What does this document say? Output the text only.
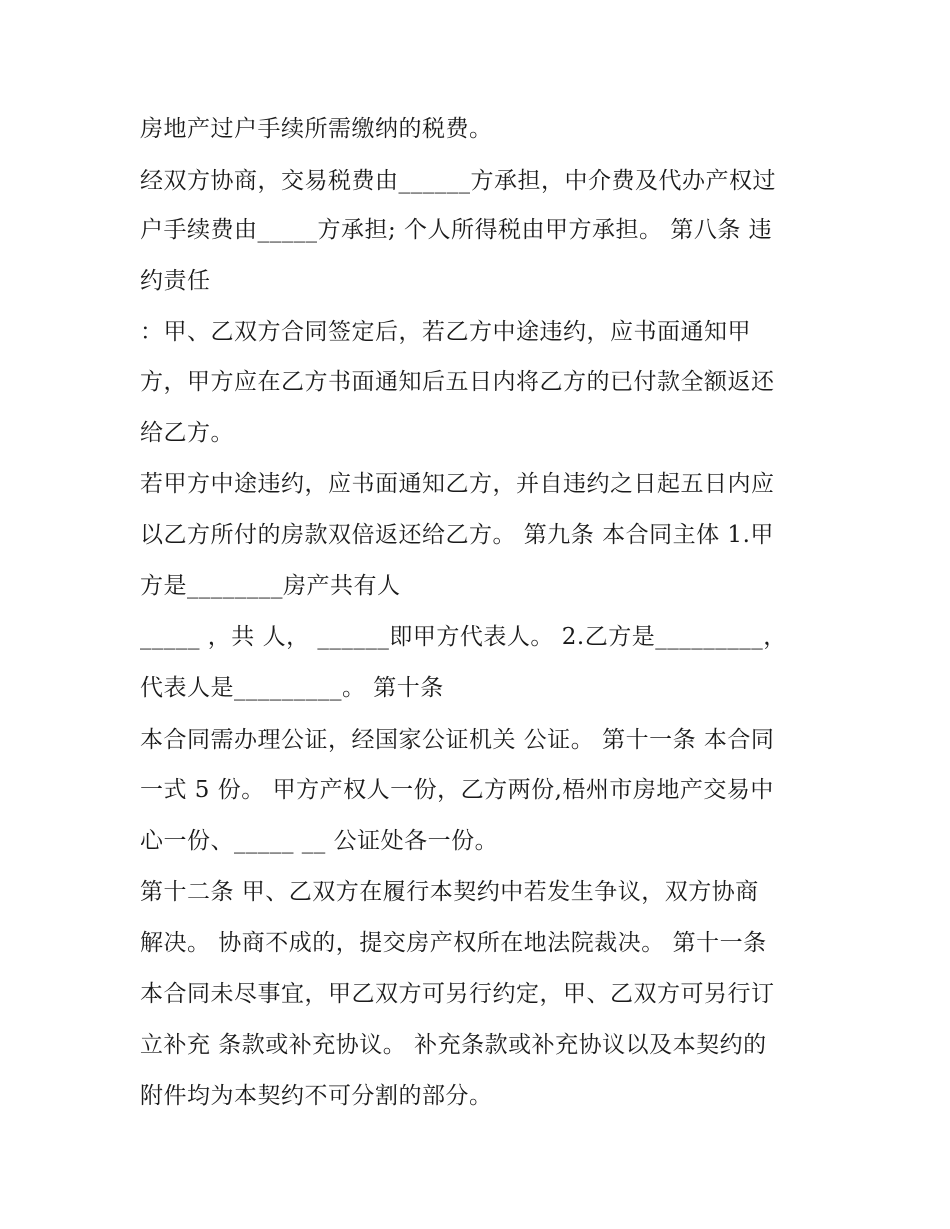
房地产过户手续所需缴纳的税费。
经双方协商，交易税费由______方承担，中介费及代办产权过
户手续费由_____方承担; 个人所得税由甲方承担。 第八条 违
约责任
：甲、乙双方合同签定后，若乙方中途违约，应书面通知甲
方，甲方应在乙方书面通知后五日内将乙方的已付款全额返还
给乙方。
若甲方中途违约，应书面通知乙方，并自违约之日起五日内应
以乙方所付的房款双倍返还给乙方。 第九条 本合同主体 1.甲
方是________房产共有人
_____ ，共 人， ______即甲方代表人。 2.乙方是_________，
代表人是_________。 第十条
本合同需办理公证，经国家公证机关 公证。 第十一条 本合同
一式 5 份。 甲方产权人一份，乙方两份,梧州市房地产交易中
心一份、_____ __ 公证处各一份。
第十二条 甲、乙双方在履行本契约中若发生争议，双方协商
解决。 协商不成的，提交房产权所在地法院裁决。 第十一条
本合同未尽事宜，甲乙双方可另行约定，甲、乙双方可另行订
立补充 条款或补充协议。 补充条款或补充协议以及本契约的
附件均为本契约不可分割的部分。
